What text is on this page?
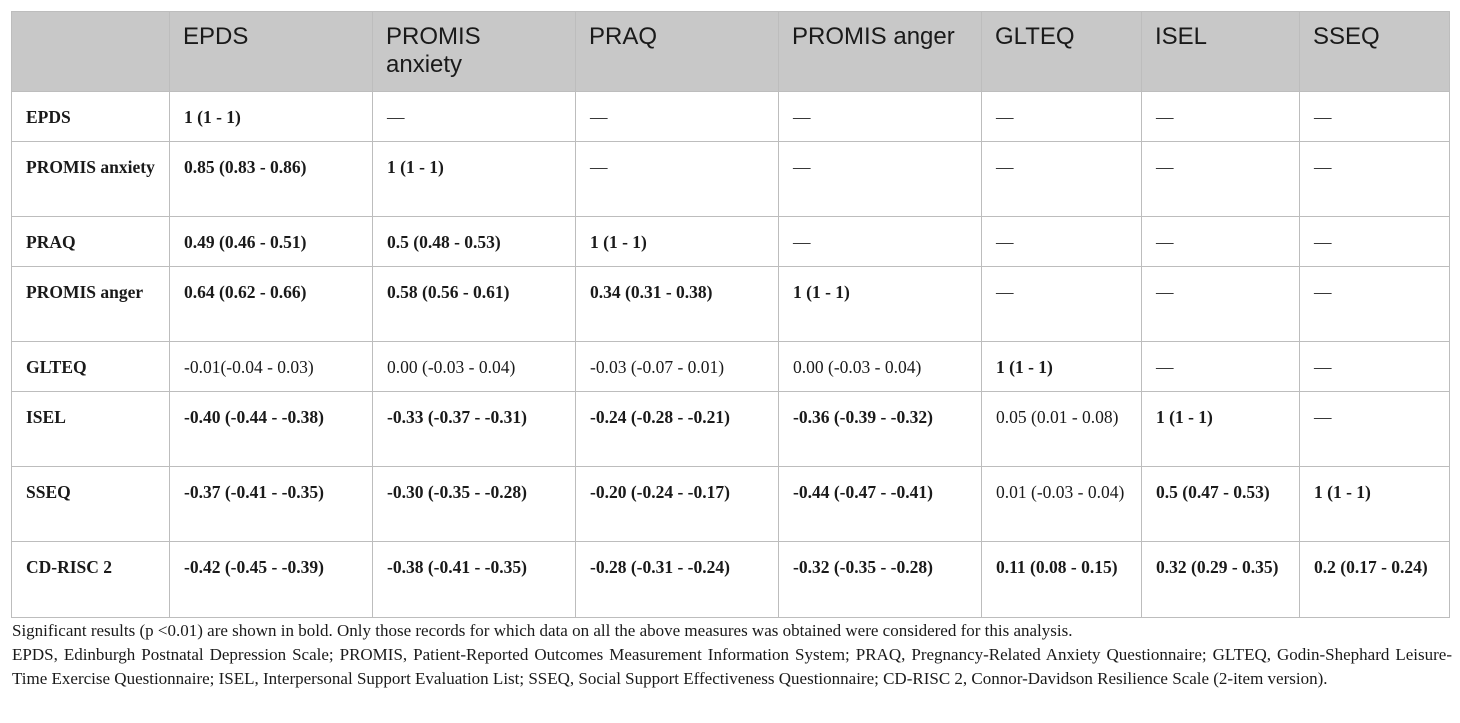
	EPDS	PROMIS anxiety	PRAQ	PROMIS anger	GLTEQ	ISEL	SSEQ
EPDS	1 (1 - 1)	—	—	—	—	—	—
PROMIS anxiety	0.85 (0.83 - 0.86)	1 (1 - 1)	—	—	—	—	—
PRAQ	0.49 (0.46 - 0.51)	0.5 (0.48 - 0.53)	1 (1 - 1)	—	—	—	—
PROMIS anger	0.64 (0.62 - 0.66)	0.58 (0.56 - 0.61)	0.34 (0.31 - 0.38)	1 (1 - 1)	—	—	—
GLTEQ	-0.01(-0.04 - 0.03)	0.00 (-0.03 - 0.04)	-0.03 (-0.07 - 0.01)	0.00 (-0.03 - 0.04)	1 (1 - 1)	—	—
ISEL	-0.40 (-0.44 - -0.38)	-0.33 (-0.37 - -0.31)	-0.24 (-0.28 - -0.21)	-0.36 (-0.39 - -0.32)	0.05 (0.01 - 0.08)	1 (1 - 1)	—
SSEQ	-0.37 (-0.41 - -0.35)	-0.30 (-0.35 - -0.28)	-0.20 (-0.24 - -0.17)	-0.44 (-0.47 - -0.41)	0.01 (-0.03 - 0.04)	0.5 (0.47 - 0.53)	1 (1 - 1)
CD-RISC 2	-0.42 (-0.45 - -0.39)	-0.38 (-0.41 - -0.35)	-0.28 (-0.31 - -0.24)	-0.32 (-0.35 - -0.28)	0.11 (0.08 - 0.15)	0.32 (0.29 - 0.35)	0.2 (0.17 - 0.24)

Significant results (p <0.01) are shown in bold. Only those records for which data on all the above measures was obtained were considered for this analysis.

EPDS, Edinburgh Postnatal Depression Scale; PROMIS, Patient-Reported Outcomes Measurement Information System; PRAQ, Pregnancy-Related Anxiety Questionnaire; GLTEQ, Godin-Shephard Leisure-Time Exercise Questionnaire; ISEL, Interpersonal Support Evaluation List; SSEQ, Social Support Effectiveness Questionnaire; CD-RISC 2, Connor-Davidson Resilience Scale (2-item version).
